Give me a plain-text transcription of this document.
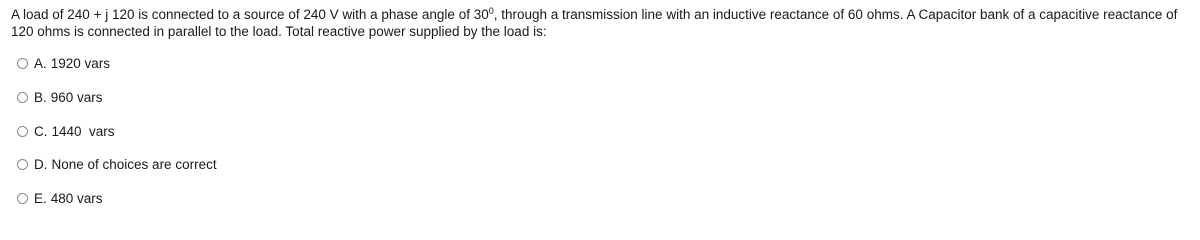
A load of 240 + j 120 is connected to a source of 240 V with a phase angle of $30^0$, through a transmission line with an inductive reactance of 60 ohms. A Capacitor bank of a capacitive reactance of 120 ohms is connected in parallel to the load. Total reactive power supplied by the load is:
A. 1920 vars
B. 960 vars
C. 1440  vars
D. None of choices are correct
E. 480 vars
